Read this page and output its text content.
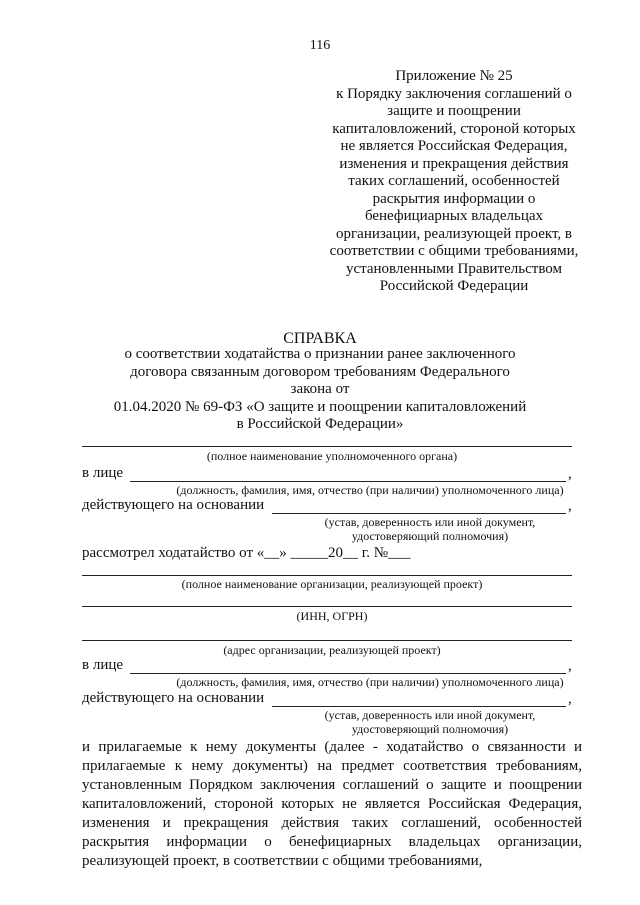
116
Приложение № 25
к Порядку заключения соглашений о
защите и поощрении
капиталовложений, стороной которых
не является Российская Федерация,
изменения и прекращения действия
таких соглашений, особенностей
раскрытия информации о
бенефициарных владельцах
организации, реализующей проект, в
соответствии с общими требованиями,
установленными Правительством
Российской Федерации
СПРАВКА
о соответствии ходатайства о признании ранее заключенного
договора связанным договором требованиям Федерального закона от
01.04.2020 № 69-ФЗ «О защите и поощрении капиталовложений
в Российской Федерации»
(полное наименование уполномоченного органа)
в лице	,
(должность, фамилия, имя, отчество (при наличии) уполномоченного лица)
действующего на основании	,
(устав, доверенность или иной документ,
удостоверяющий полномочия)
рассмотрел ходатайство от «__» _____20__ г. №___
(полное наименование организации, реализующей проект)
(ИНН, ОГРН)
(адрес организации, реализующей проект)
в лице	,
(должность, фамилия, имя, отчество (при наличии) уполномоченного лица)
действующего на основании	,
(устав, доверенность или иной документ,
удостоверяющий полномочия)
и прилагаемые к нему документы (далее - ходатайство о связанности и прилагаемые к нему документы) на предмет соответствия требованиям, установленным Порядком заключения соглашений о защите и поощрении капиталовложений, стороной которых не является Российская Федерация, изменения и прекращения действия таких соглашений, особенностей раскрытия информации о бенефициарных владельцах организации, реализующей проект, в соответствии с общими требованиями,
